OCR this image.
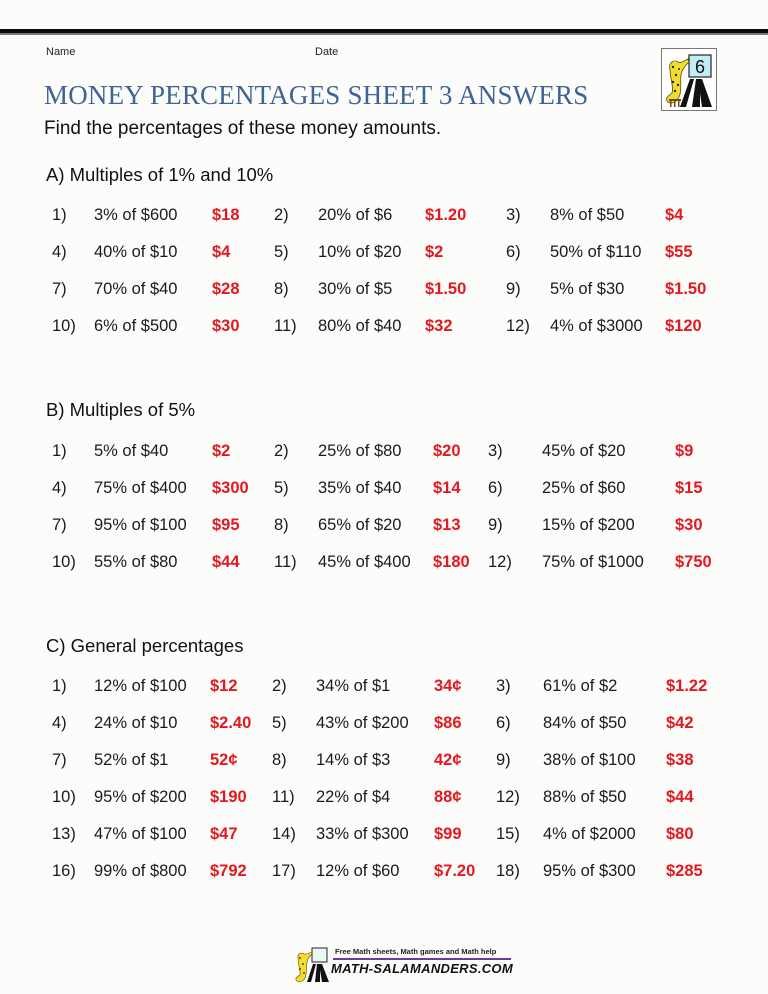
Name	Date
MONEY PERCENTAGES SHEET 3 ANSWERS
Find the percentages of these money amounts.
6
A) Multiples of 1% and 10%
1) 3% of $600 $18 2) 20% of $6 $1.20 3) 8% of $50 $4
4) 40% of $10 $4	5) 10% of $20 $2	6) 50% of $110 $55
7) 70% of $40 $28 8) 30% of $5 $1.50 9) 5% of $30 $1.50
10) 6% of $500 $30 11) 80% of $40 $32	12) 4% of $3000 $120
B) Multiples of 5%
1) 5% of $40	$2	2) 25% of $80 $20 3) 45% of $20	$9
4) 75% of $400 $300 5) 35% of $40 $14 6) 25% of $60	$15
7) 95% of $100 $95 8) 65% of $20 $13 9) 15% of $200 $30
10) 55% of $80 $44 11) 45% of $400 $180 12) 75% of $1000 $750
C) General percentages
1) 12% of $100 $12 2) 34% of $1	34¢ 3) 61% of $2	$1.22
4) 24% of $10 $2.40 5) 43% of $200 $86 6) 84% of $50 $42
7) 52% of $1	52¢ 8) 14% of $3	42¢ 9) 38% of $100 $38
10) 95% of $200 $190 11) 22% of $4	88¢ 12) 88% of $50 $44
13) 47% of $100 $47 14) 33% of $300 $99 15) 4% of $2000 $80
16) 99% of $800 $792 17) 12% of $60 $7.20 18) 95% of $300 $285
Free Math sheets, Math games and Math help
MATH-SALAMANDERS.COM
